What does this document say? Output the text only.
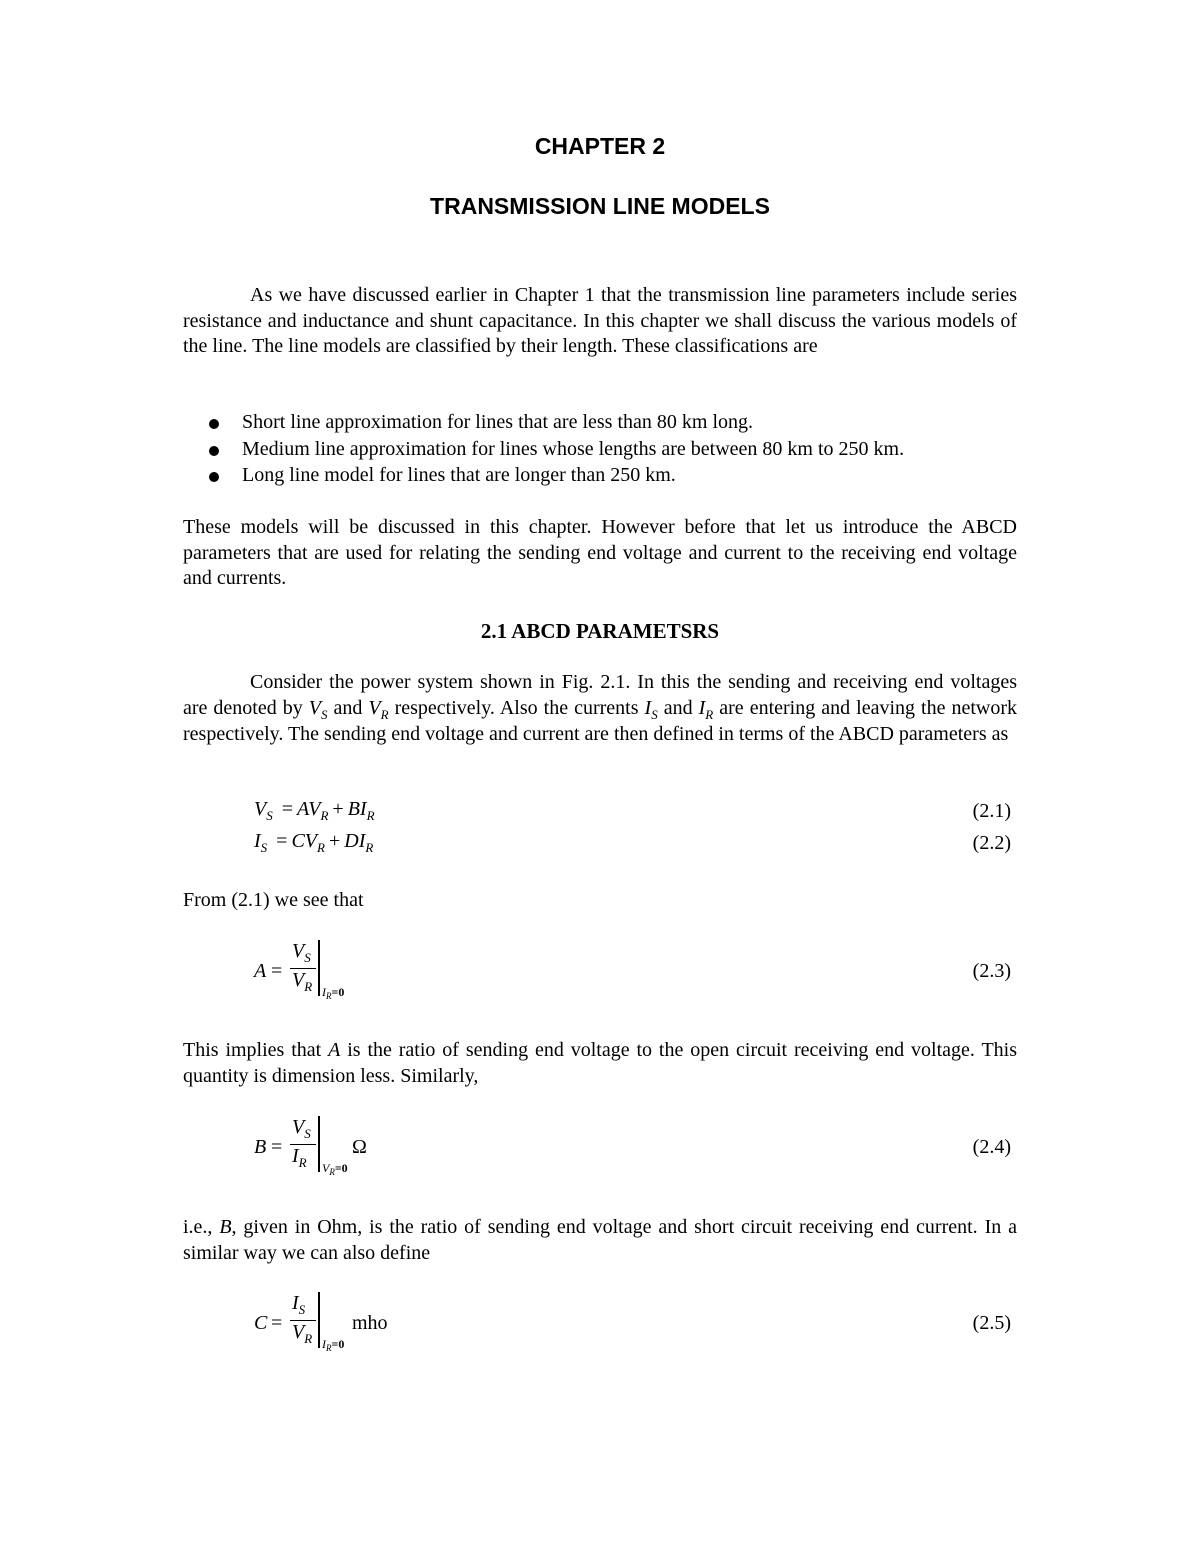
CHAPTER 2
TRANSMISSION LINE MODELS
As we have discussed earlier in Chapter 1 that the transmission line parameters include series resistance and inductance and shunt capacitance. In this chapter we shall discuss the various models of the line. The line models are classified by their length. These classifications are
Short line approximation for lines that are less than 80 km long.
Medium line approximation for lines whose lengths are between 80 km to 250 km.
Long line model for lines that are longer than 250 km.
These models will be discussed in this chapter. However before that let us introduce the ABCD parameters that are used for relating the sending end voltage and current to the receiving end voltage and currents.
2.1 ABCD PARAMETSRS
Consider the power system shown in Fig. 2.1. In this the sending and receiving end voltages are denoted by $V_S$ and $V_R$ respectively. Also the currents $I_S$ and $I_R$ are entering and leaving the network respectively. The sending end voltage and current are then defined in terms of the ABCD parameters as
$V_S = AV_R + BI_R$	(2.1)
$I_S = CV_R + DI_R$	(2.2)
From (2.1) we see that
A =
$V_S$
$V_R$ $I_R=0$
(2.3)
This implies that A is the ratio of sending end voltage to the open circuit receiving end voltage. This quantity is dimension less. Similarly,
B =
$V_S$
$I_R$ $V_R=0$
Ω	(2.4)
i.e., B, given in Ohm, is the ratio of sending end voltage and short circuit receiving end current. In a similar way we can also define
C =
$I_S$
$V_R$ $I_R=0$
mho	(2.5)
